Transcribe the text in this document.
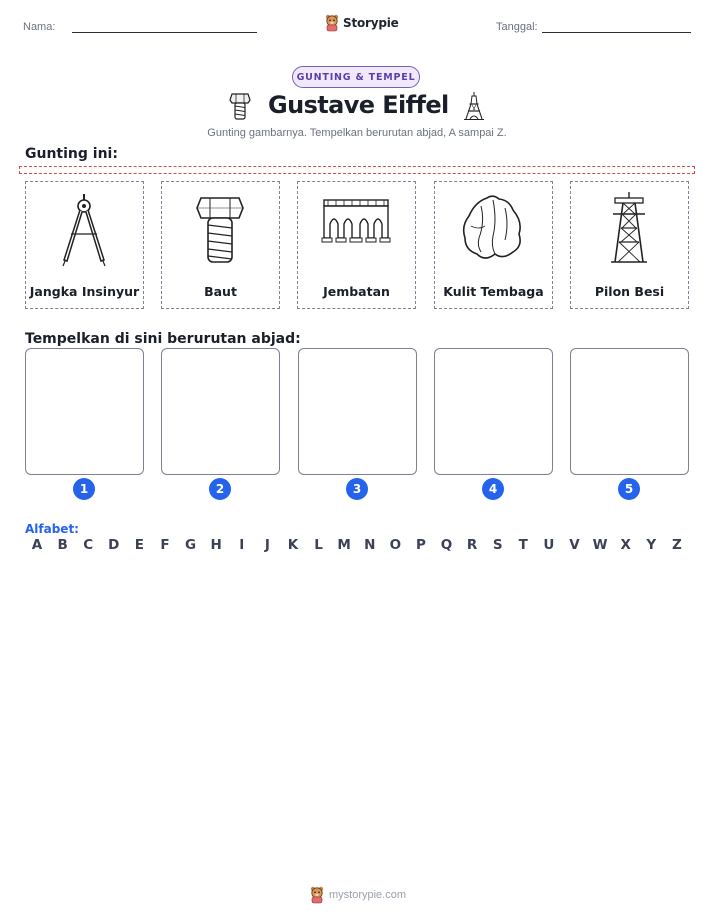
Nama:	Storypie	Tanggal:
GUNTING & TEMPEL
Gustave Eiffel
Gunting gambarnya. Tempelkan berurutan abjad, A sampai Z.
Gunting ini:
Jangka Insinyur	Baut	Jembatan	Kulit Tembaga	Pilon Besi
Tempelkan di sini berurutan abjad:
1	2	3	4	5
Alfabet:
A	B	C	D	E	F	G	H	I	J	K	L	M N	O	P	Q	R	S	T	U	V W X	Y	Z
mystorypie.com
